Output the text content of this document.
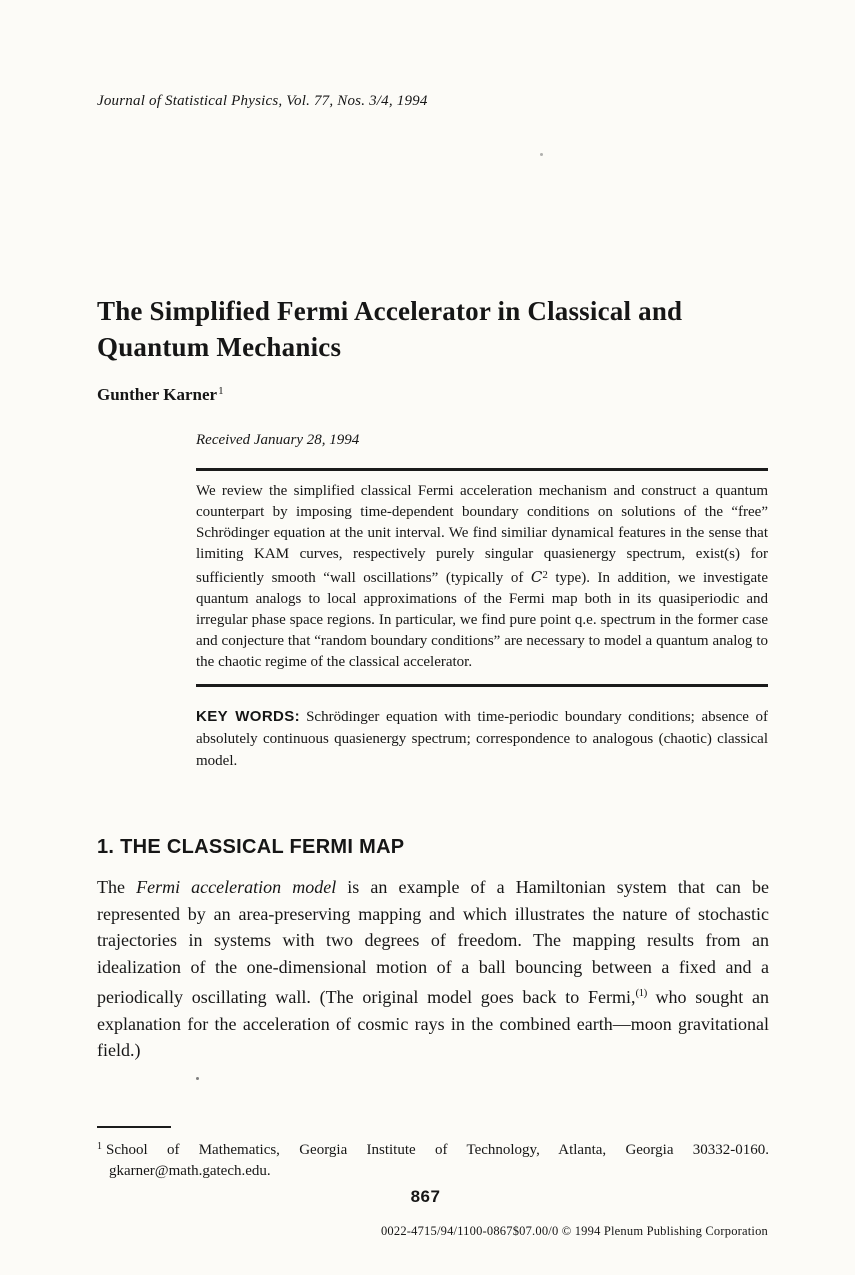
Journal of Statistical Physics, Vol. 77, Nos. 3/4, 1994
The Simplified Fermi Accelerator in Classical and Quantum Mechanics
Gunther Karner$^1$
Received January 28, 1994

We review the simplified classical Fermi acceleration mechanism and construct a quantum counterpart by imposing time-dependent boundary conditions on solutions of the “free” Schrödinger equation at the unit interval. We find similiar dynamical features in the sense that limiting KAM curves, respectively purely singular quasienergy spectrum, exist(s) for sufficiently smooth “wall oscillations” (typically of $C^2$ type). In addition, we investigate quantum analogs to local approximations of the Fermi map both in its quasiperiodic and irregular phase space regions. In particular, we find pure point q.e. spectrum in the former case and conjecture that “random boundary conditions” are necessary to model a quantum analog to the chaotic regime of the classical accelerator.

KEY WORDS: Schrödinger equation with time-periodic boundary conditions; absence of absolutely continuous quasienergy spectrum; correspondence to analogous (chaotic) classical model.

1. THE CLASSICAL FERMI MAP

The Fermi acceleration model is an example of a Hamiltonian system that can be represented by an area-preserving mapping and which illustrates the nature of stochastic trajectories in systems with two degrees of freedom. The mapping results from an idealization of the one-dimensional motion of a ball bouncing between a fixed and a periodically oscillating wall. (The original model goes back to Fermi,$^{(1)}$ who sought an explanation for the acceleration of cosmic rays in the combined earth—moon gravitational field.)

$^1$ School of Mathematics, Georgia Institute of Technology, Atlanta, Georgia 30332-0160.
gkarner@math.gatech.edu.
867
0022-4715/94/1100-0867$07.00/0 © 1994 Plenum Publishing Corporation
